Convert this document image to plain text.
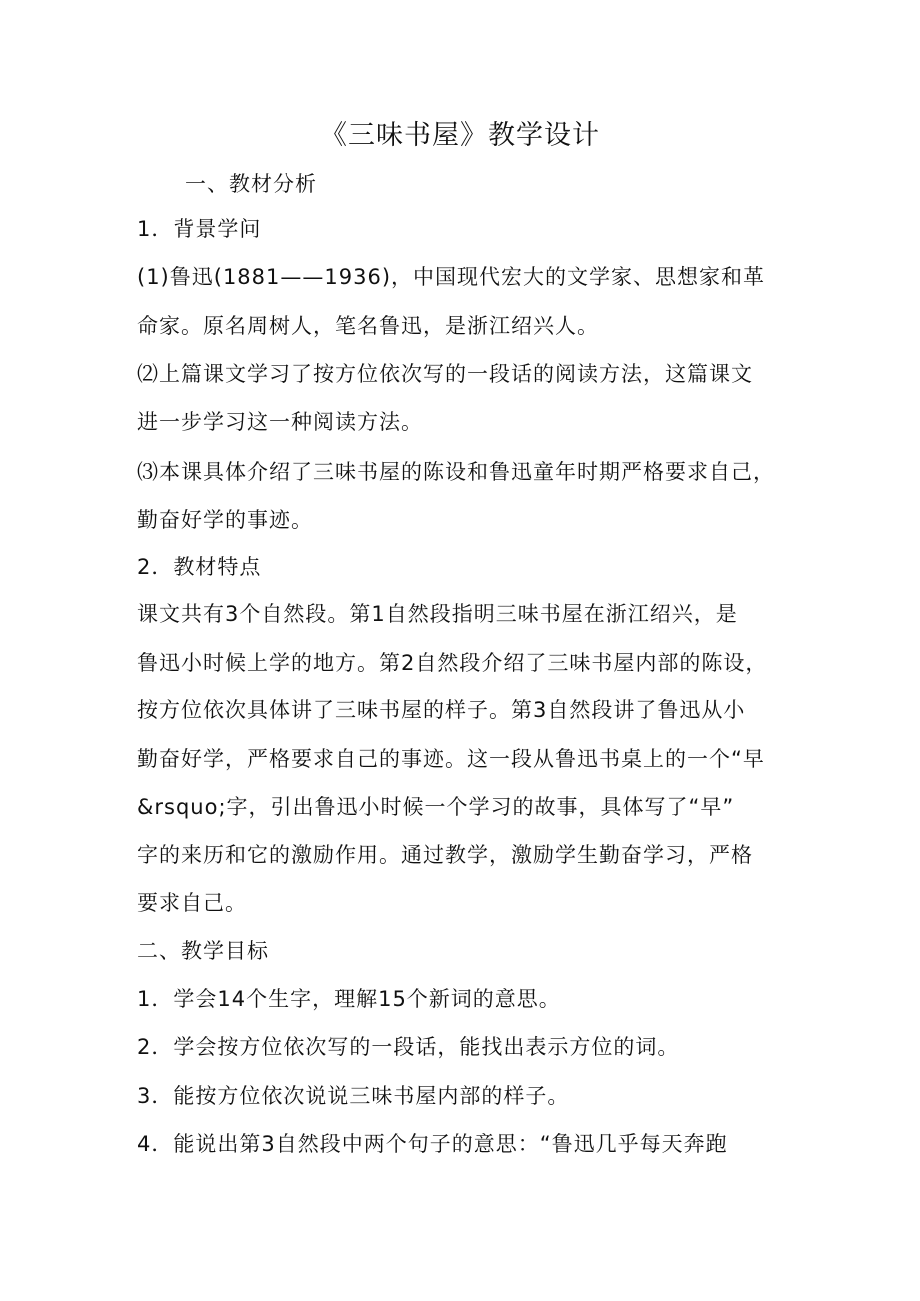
《三味书屋》教学设计
一、教材分析
1．背景学问
(1)鲁迅(1881——1936)，中国现代宏大的文学家、思想家和革
命家。原名周树人，笔名鲁迅，是浙江绍兴人。
⑵上篇课文学习了按方位依次写的一段话的阅读方法，这篇课文
进一步学习这一种阅读方法。
⑶本课具体介绍了三味书屋的陈设和鲁迅童年时期严格要求自己，
勤奋好学的事迹。
2．教材特点
课文共有3个自然段。第1自然段指明三味书屋在浙江绍兴，是
鲁迅小时候上学的地方。第2自然段介绍了三味书屋内部的陈设，
按方位依次具体讲了三味书屋的样子。第3自然段讲了鲁迅从小
勤奋好学，严格要求自己的事迹。这一段从鲁迅书桌上的一个“早
&rsquo;字，引出鲁迅小时候一个学习的故事，具体写了“早”
字的来历和它的激励作用。通过教学，激励学生勤奋学习，严格
要求自己。
二、教学目标
1．学会14个生字，理解15个新词的意思。
2．学会按方位依次写的一段话，能找出表示方位的词。
3．能按方位依次说说三味书屋内部的样子。
4．能说出第3自然段中两个句子的意思：“鲁迅几乎每天奔跑
